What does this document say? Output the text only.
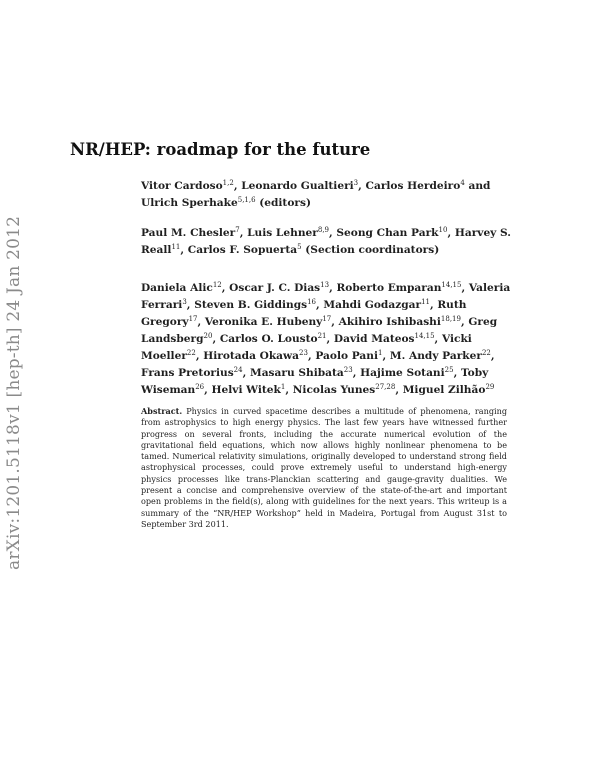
arXiv:1201.5118v1 [hep-th] 24 Jan 2012
NR/HEP: roadmap for the future
Vitor Cardoso$^{1,2}$, Leonardo Gualtieri$^3$, Carlos Herdeiro$^4$ and Ulrich Sperhake$^{5,1,6}$ (editors)
Paul M. Chesler$^7$, Luis Lehner$^{8,9}$, Seong Chan Park$^{10}$, Harvey S. Reall$^{11}$, Carlos F. Sopuerta$^5$ (Section coordinators)
Daniela Alic$^{12}$, Oscar J. C. Dias$^{13}$, Roberto Emparan$^{14,15}$, Valeria Ferrari$^3$, Steven B. Giddings$^{16}$, Mahdi Godazgar$^{11}$, Ruth Gregory$^{17}$, Veronika E. Hubeny$^{17}$, Akihiro Ishibashi$^{18,19}$, Greg Landsberg$^{20}$, Carlos O. Lousto$^{21}$, David Mateos$^{14,15}$, Vicki Moeller$^{22}$, Hirotada Okawa$^{23}$, Paolo Pani$^1$, M. Andy Parker$^{22}$, Frans Pretorius$^{24}$, Masaru Shibata$^{23}$, Hajime Sotani$^{25}$, Toby Wiseman$^{26}$, Helvi Witek$^1$, Nicolas Yunes$^{27,28}$, Miguel Zilhão$^{29}$
Abstract. Physics in curved spacetime describes a multitude of phenomena, ranging from astrophysics to high energy physics. The last few years have witnessed further progress on several fronts, including the accurate numerical evolution of the gravitational field equations, which now allows highly nonlinear phenomena to be tamed. Numerical relativity simulations, originally developed to understand strong field astrophysical processes, could prove extremely useful to understand high-energy physics processes like trans-Planckian scattering and gauge-gravity dualities. We present a concise and comprehensive overview of the state-of-the-art and important open problems in the field(s), along with guidelines for the next years. This writeup is a summary of the “NR/HEP Workshop” held in Madeira, Portugal from August 31st to September 3rd 2011.
